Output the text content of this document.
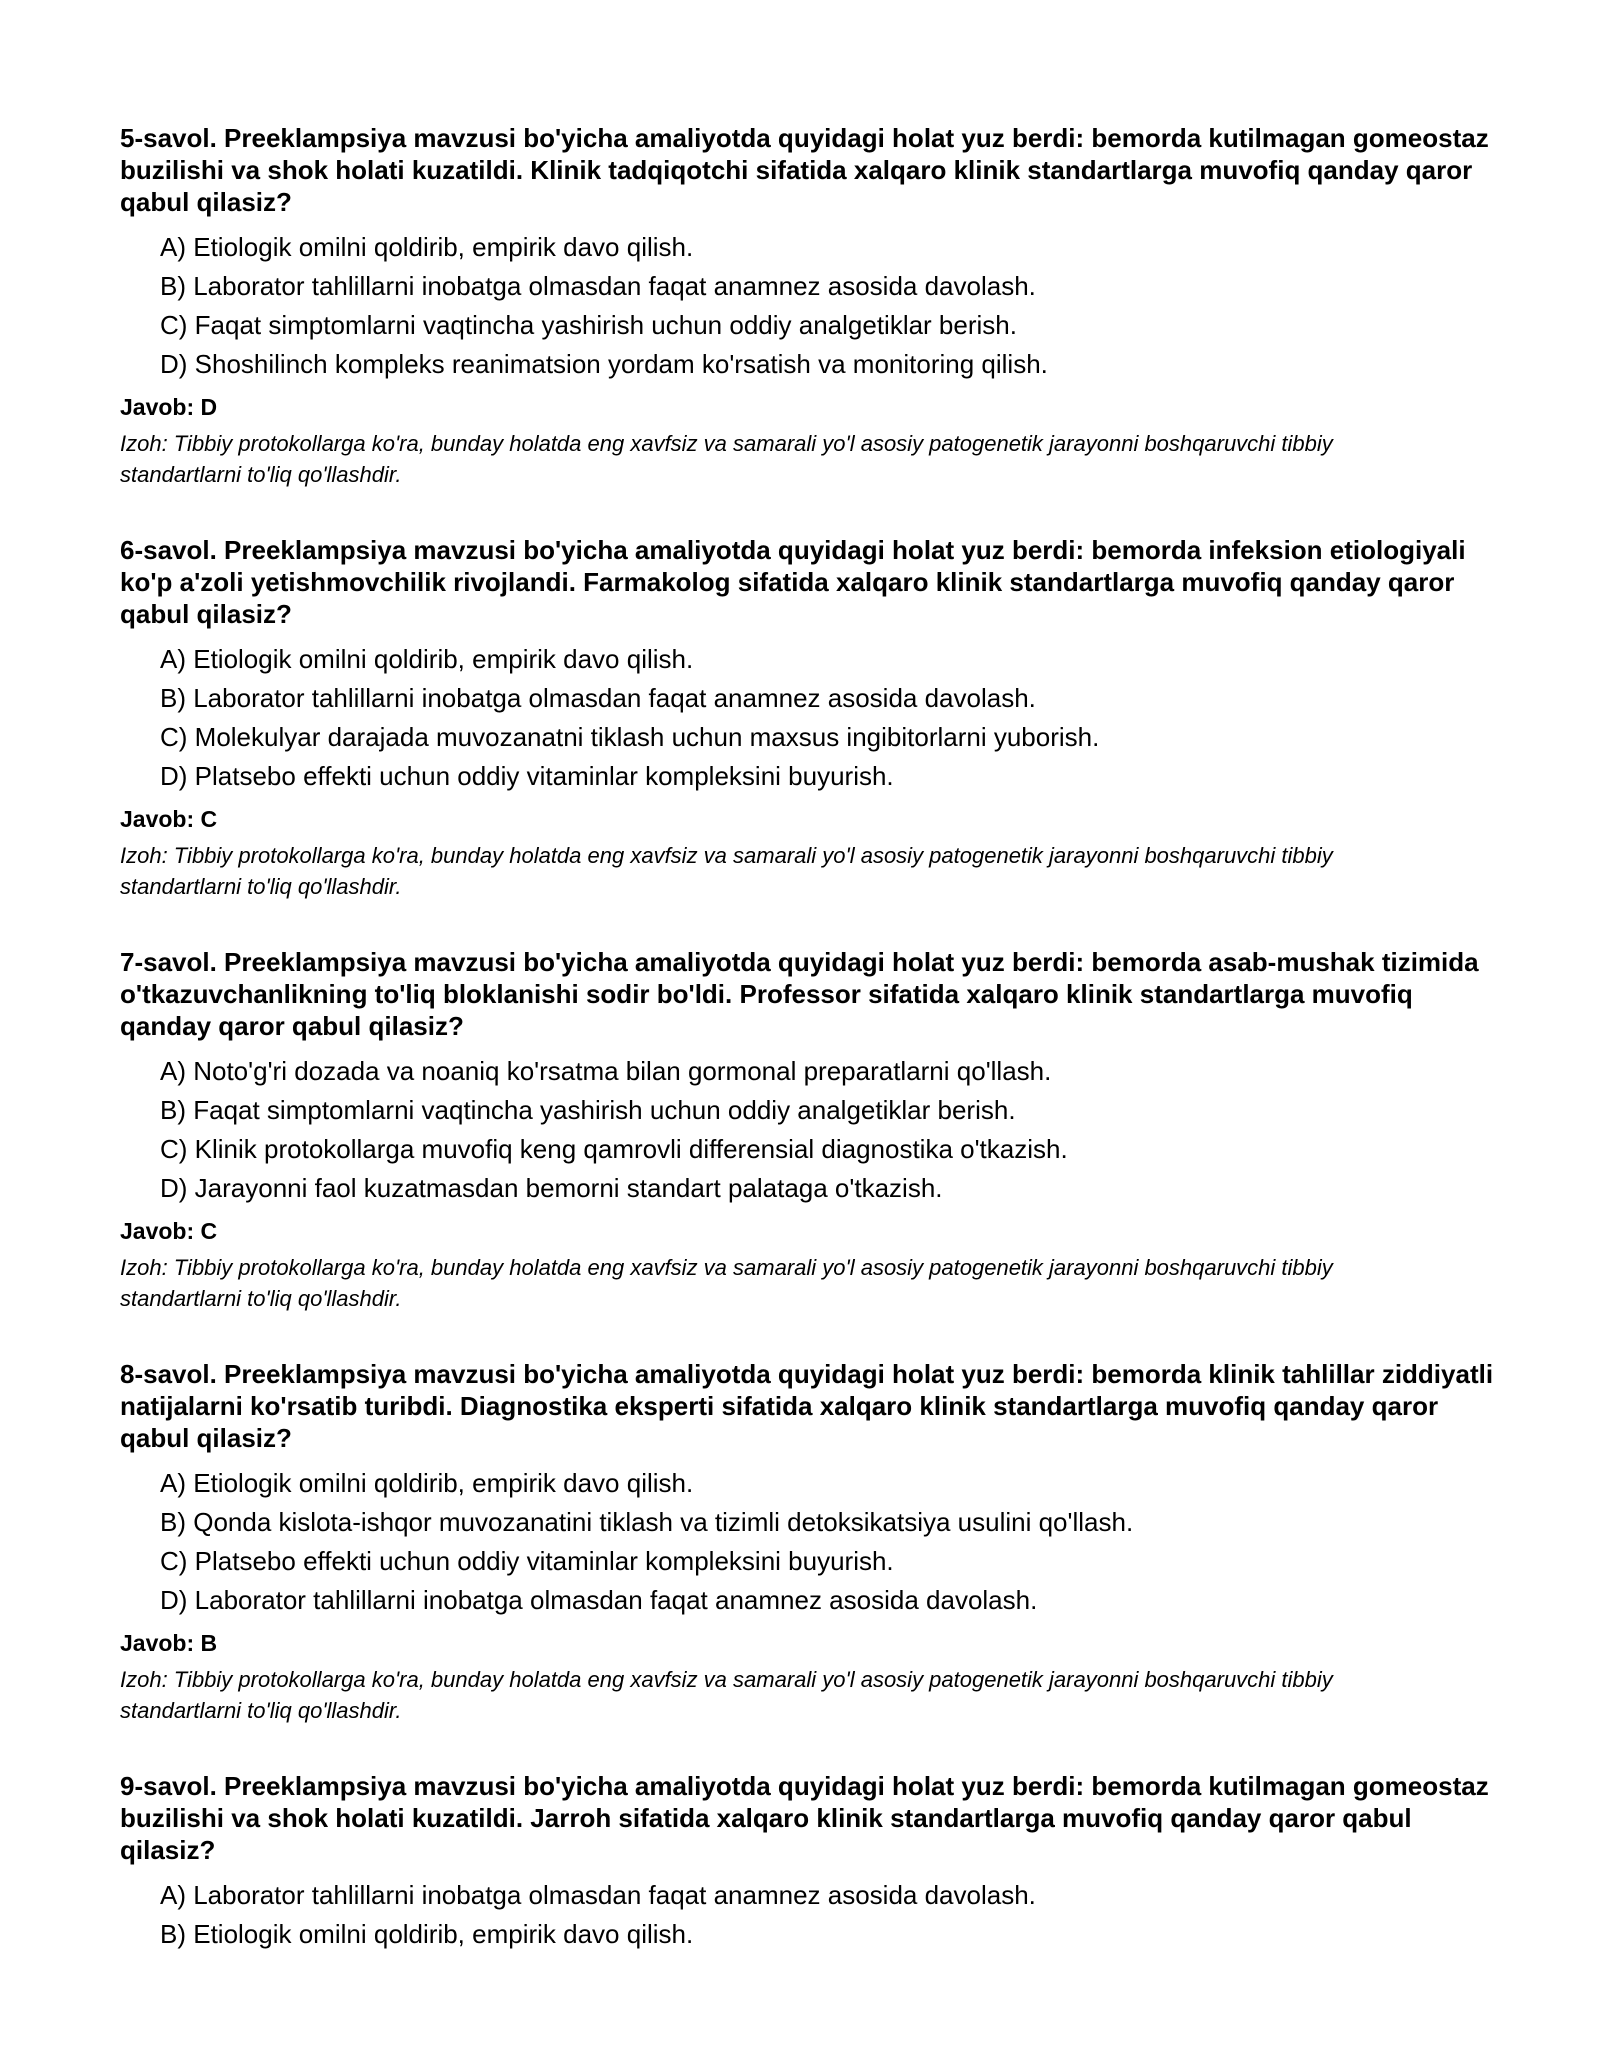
5-savol. Preeklampsiya mavzusi bo'yicha amaliyotda quyidagi holat yuz berdi: bemorda kutilmagan gomeostaz buzilishi va shok holati kuzatildi. Klinik tadqiqotchi sifatida xalqaro klinik standartlarga muvofiq qanday qaror qabul qilasiz?
A) Etiologik omilni qoldirib, empirik davo qilish.
B) Laborator tahlillarni inobatga olmasdan faqat anamnez asosida davolash.
C) Faqat simptomlarni vaqtincha yashirish uchun oddiy analgetiklar berish.
D) Shoshilinch kompleks reanimatsion yordam ko'rsatish va monitoring qilish.
Javob: D
Izoh: Tibbiy protokollarga ko'ra, bunday holatda eng xavfsiz va samarali yo'l asosiy patogenetik jarayonni boshqaruvchi tibbiy standartlarni to'liq qo'llashdir.
6-savol. Preeklampsiya mavzusi bo'yicha amaliyotda quyidagi holat yuz berdi: bemorda infeksion etiologiyali ko'p a'zoli yetishmovchilik rivojlandi. Farmakolog sifatida xalqaro klinik standartlarga muvofiq qanday qaror qabul qilasiz?
A) Etiologik omilni qoldirib, empirik davo qilish.
B) Laborator tahlillarni inobatga olmasdan faqat anamnez asosida davolash.
C) Molekulyar darajada muvozanatni tiklash uchun maxsus ingibitorlarni yuborish.
D) Platsebo effekti uchun oddiy vitaminlar kompleksini buyurish.
Javob: C
Izoh: Tibbiy protokollarga ko'ra, bunday holatda eng xavfsiz va samarali yo'l asosiy patogenetik jarayonni boshqaruvchi tibbiy standartlarni to'liq qo'llashdir.
7-savol. Preeklampsiya mavzusi bo'yicha amaliyotda quyidagi holat yuz berdi: bemorda asab-mushak tizimida o'tkazuvchanlikning to'liq bloklanishi sodir bo'ldi. Professor sifatida xalqaro klinik standartlarga muvofiq qanday qaror qabul qilasiz?
A) Noto'g'ri dozada va noaniq ko'rsatma bilan gormonal preparatlarni qo'llash.
B) Faqat simptomlarni vaqtincha yashirish uchun oddiy analgetiklar berish.
C) Klinik protokollarga muvofiq keng qamrovli differensial diagnostika o'tkazish.
D) Jarayonni faol kuzatmasdan bemorni standart palataga o'tkazish.
Javob: C
Izoh: Tibbiy protokollarga ko'ra, bunday holatda eng xavfsiz va samarali yo'l asosiy patogenetik jarayonni boshqaruvchi tibbiy standartlarni to'liq qo'llashdir.
8-savol. Preeklampsiya mavzusi bo'yicha amaliyotda quyidagi holat yuz berdi: bemorda klinik tahlillar ziddiyatli natijalarni ko'rsatib turibdi. Diagnostika eksperti sifatida xalqaro klinik standartlarga muvofiq qanday qaror qabul qilasiz?
A) Etiologik omilni qoldirib, empirik davo qilish.
B) Qonda kislota-ishqor muvozanatini tiklash va tizimli detoksikatsiya usulini qo'llash.
C) Platsebo effekti uchun oddiy vitaminlar kompleksini buyurish.
D) Laborator tahlillarni inobatga olmasdan faqat anamnez asosida davolash.
Javob: B
Izoh: Tibbiy protokollarga ko'ra, bunday holatda eng xavfsiz va samarali yo'l asosiy patogenetik jarayonni boshqaruvchi tibbiy standartlarni to'liq qo'llashdir.
9-savol. Preeklampsiya mavzusi bo'yicha amaliyotda quyidagi holat yuz berdi: bemorda kutilmagan gomeostaz buzilishi va shok holati kuzatildi. Jarroh sifatida xalqaro klinik standartlarga muvofiq qanday qaror qabul qilasiz?
A) Laborator tahlillarni inobatga olmasdan faqat anamnez asosida davolash.
B) Etiologik omilni qoldirib, empirik davo qilish.
